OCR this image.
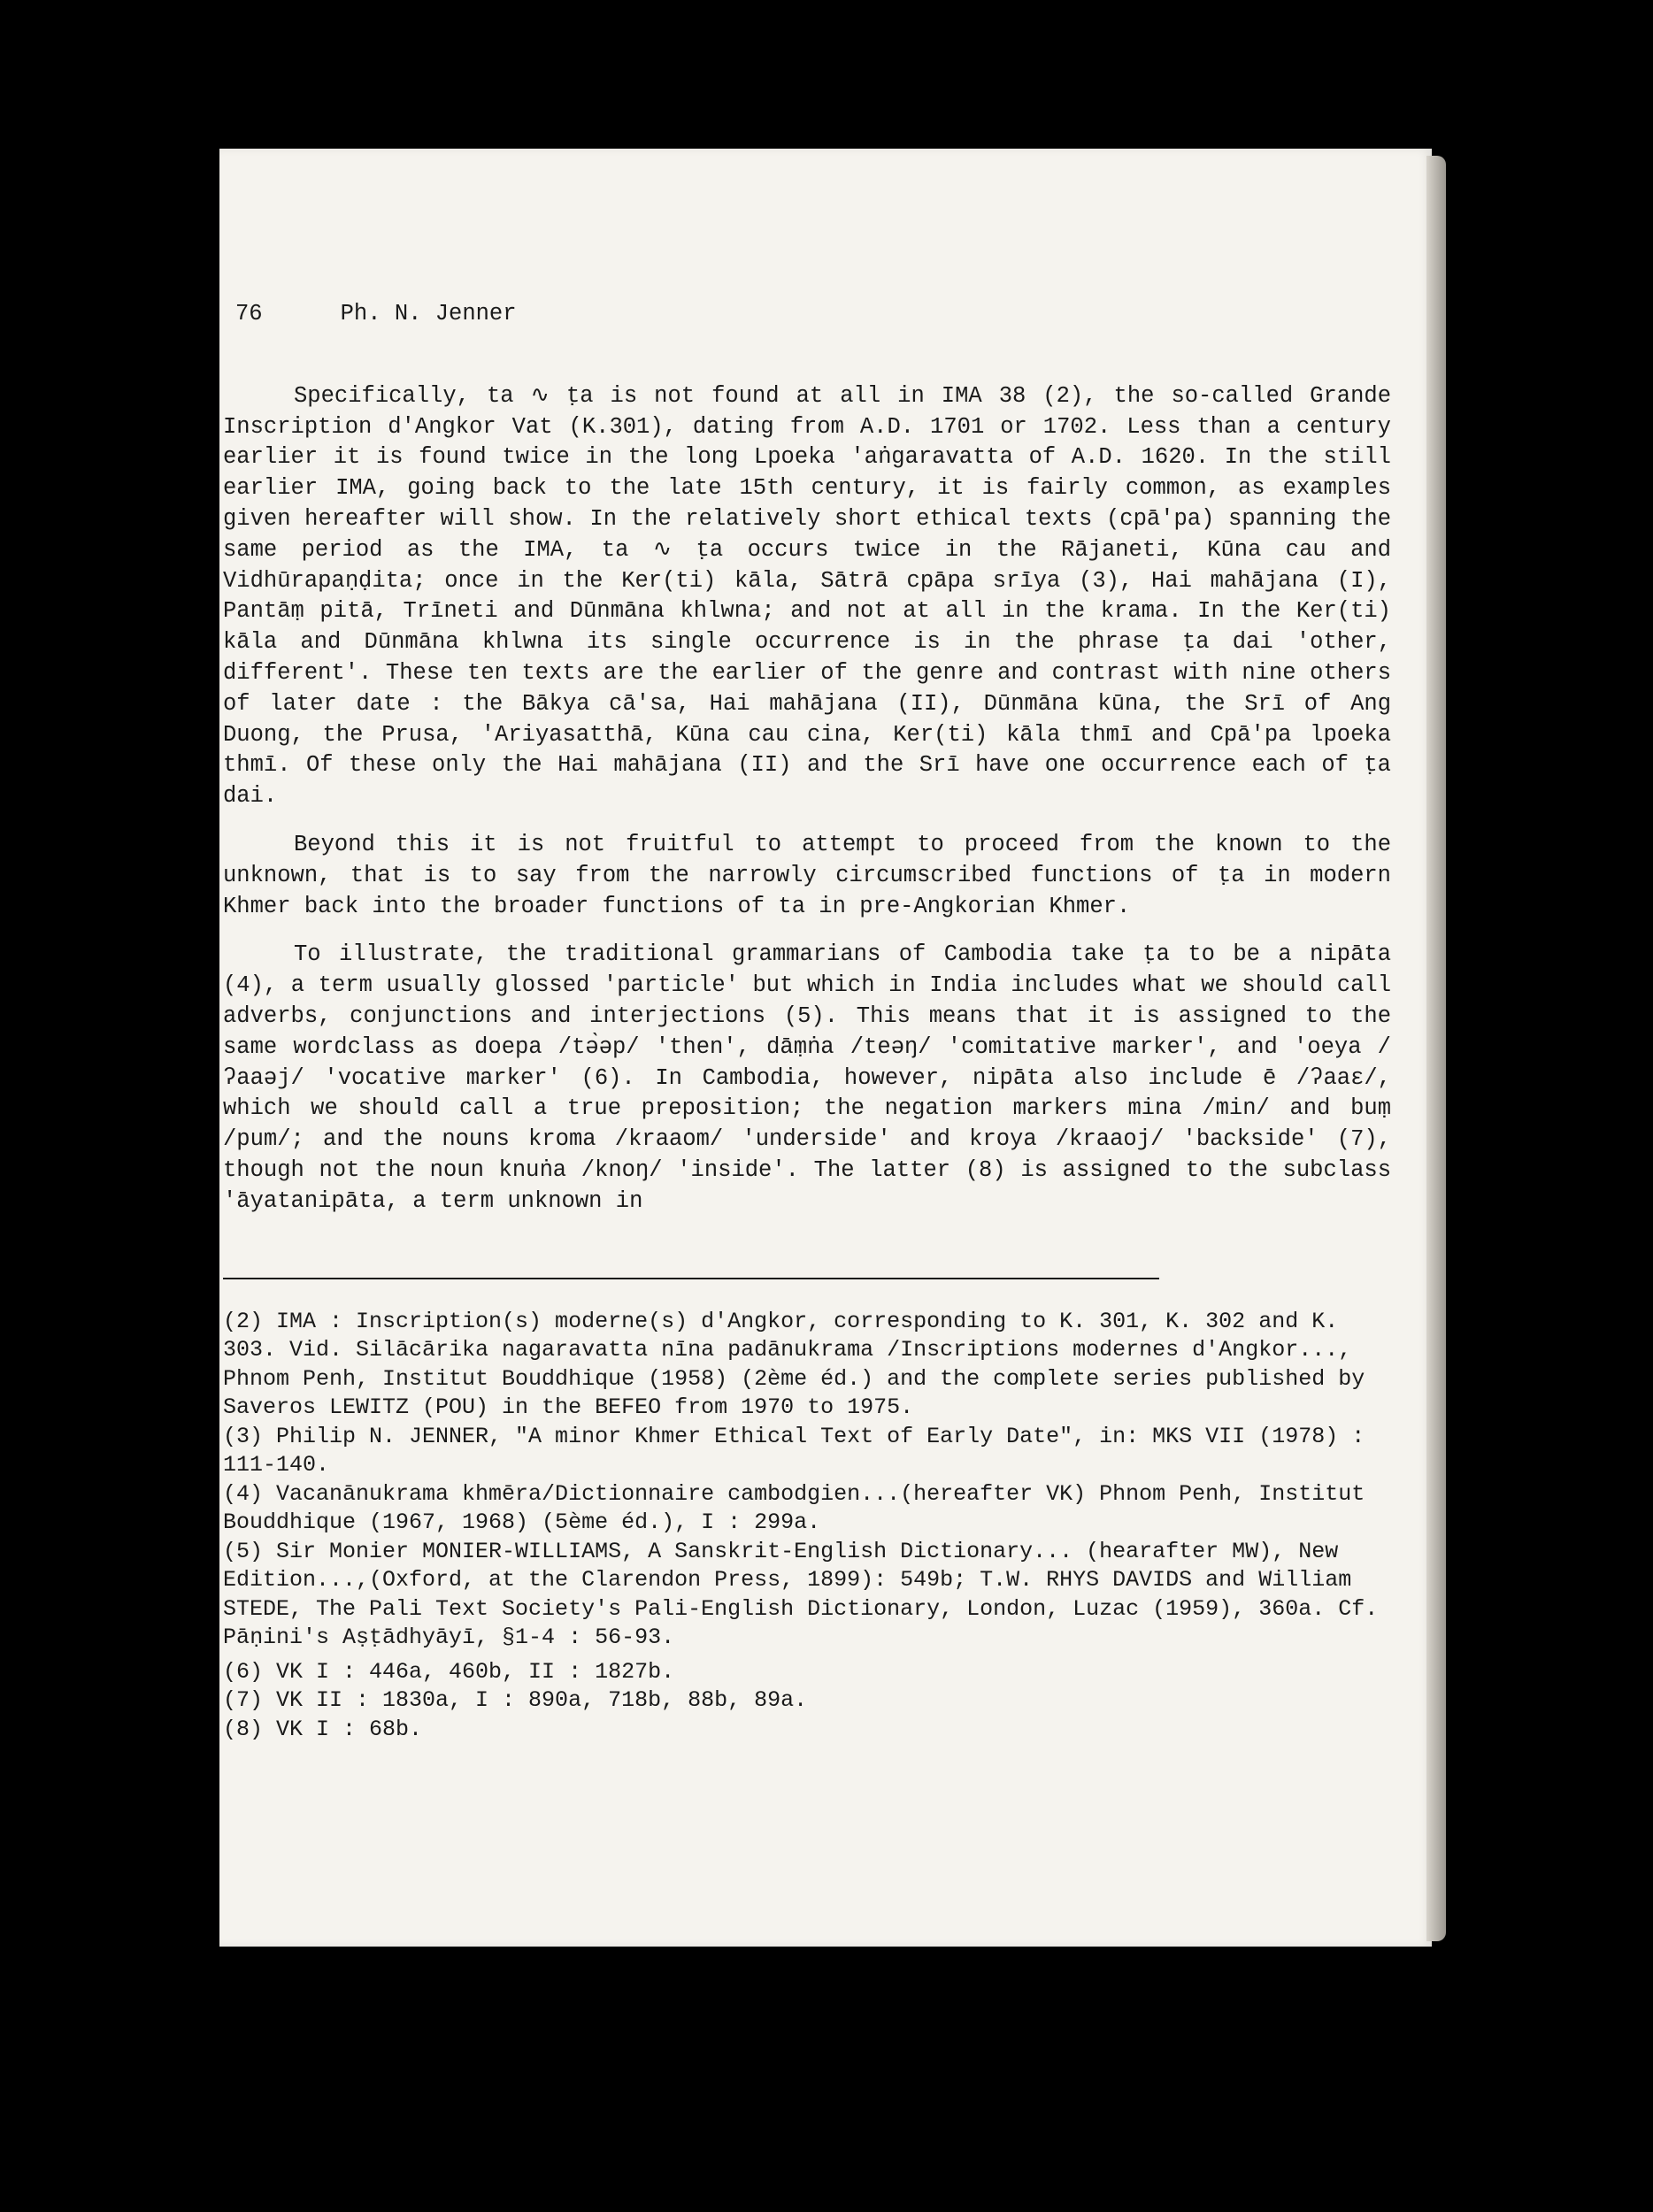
76	Ph. N. Jenner

Specifically, ta ∿ ṭa is not found at all in IMA 38 (2), the so-called Grande Inscription d'Angkor Vat (K.301), dating from A.D. 1701 or 1702. Less than a century earlier it is found twice in the long Lpoeka 'aṅgaravatta of A.D. 1620. In the still earlier IMA, going back to the late 15th century, it is fairly common, as examples given hereafter will show. In the relatively short ethical texts (cpā'pa) spanning the same period as the IMA, ta ∿ ṭa occurs twice in the Rājaneti, Kūna cau and Vidhūrapaṇḍita; once in the Ker(ti) kāla, Sātrā cpāpa srīya (3), Hai mahājana (I), Pantāṃ pitā, Trīneti and Dūnmāna khlwna; and not at all in the krama. In the Ker(ti) kāla and Dūnmāna khlwna its single occurrence is in the phrase ṭa dai 'other, different'. These ten texts are the earlier of the genre and contrast with nine others of later date : the Bākya cā'sa, Hai mahājana (II), Dūnmāna kūna, the Srī of Ang Duong, the Prusa, 'Ariyasatthā, Kūna cau cina, Ker(ti) kāla thmī and Cpā'pa lpoeka thmī. Of these only the Hai mahājana (II) and the Srī have one occurrence each of ṭa dai.

Beyond this it is not fruitful to attempt to proceed from the known to the unknown, that is to say from the narrowly circumscribed functions of ṭa in modern Khmer back into the broader functions of ta in pre-Angkorian Khmer.

To illustrate, the traditional grammarians of Cambodia take ṭa to be a nipāta (4), a term usually glossed 'particle' but which in India includes what we should call adverbs, conjunctions and interjections (5). This means that it is assigned to the same wordclass as doepa /tə̀əp/ 'then', dāṃṅa /teəŋ/ 'comitative marker', and 'oeya /ʔaaəj/ 'vocative marker' (6). In Cambodia, however, nipāta also include ē /ʔaaɛ/, which we should call a true preposition; the negation markers mina /min/ and buṃ /pum/; and the nouns kroma /kraaom/ 'underside' and kroya /kraaoj/ 'backside' (7), though not the noun knuṅa /knoŋ/ 'inside'. The latter (8) is assigned to the subclass 'āyatanipāta, a term unknown in

(2) IMA : Inscription(s) moderne(s) d'Angkor, corresponding to K. 301, K. 302 and K. 303. Vid. Silācārika nagaravatta nīna padānukrama /Inscriptions modernes d'Angkor..., Phnom Penh, Institut Bouddhique (1958) (2ème éd.) and the complete series published by Saveros LEWITZ (POU) in the BEFEO from 1970 to 1975.

(3) Philip N. JENNER, "A minor Khmer Ethical Text of Early Date", in: MKS VII (1978) : 111-140.

(4) Vacanānukrama khmēra/Dictionnaire cambodgien...(hereafter VK) Phnom Penh, Institut Bouddhique (1967, 1968) (5ème éd.), I : 299a.

(5) Sir Monier MONIER-WILLIAMS, A Sanskrit-English Dictionary... (hearafter MW), New Edition...,(Oxford, at the Clarendon Press, 1899): 549b; T.W. RHYS DAVIDS and William STEDE, The Pali Text Society's Pali-English Dictionary, London, Luzac (1959), 360a. Cf. Pāṇini's Aṣṭādhyāyī, §1-4 : 56-93.

(6) VK I : 446a, 460b, II : 1827b.

(7) VK II : 1830a, I : 890a, 718b, 88b, 89a.

(8) VK I : 68b.
